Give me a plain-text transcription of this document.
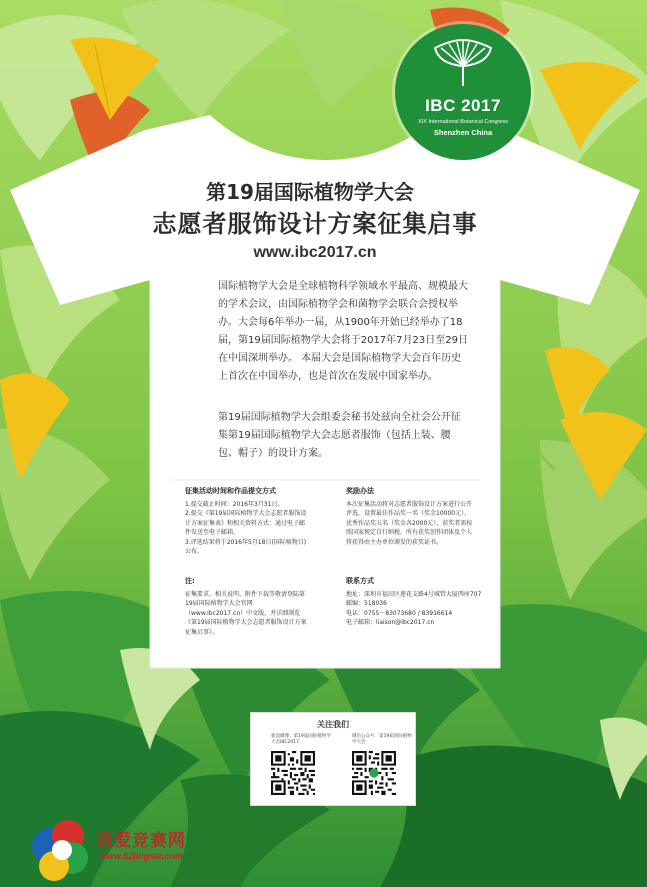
IBC 2017
XIX International Botanical Congress
Shenzhen China
第19届国际植物学大会
志愿者服饰设计方案征集启事
www.ibc2017.cn
国际植物学大会是全球植物科学领域水平最高、规模最大的学术会议，由国际植物学会和菌物学会联合会授权举办。大会每6年举办一届，从1900年开始已经举办了18届，第19届国际植物学大会将于2017年7月23日至29日在中国深圳举办。 本届大会是国际植物学大会百年历史上首次在中国举办，也是首次在发展中国家举办。
第19届国际植物学大会组委会秘书处兹向全社会公开征集第19届国际植物学大会志愿者服饰（包括上装、腰包、帽子）的设计方案。
征集活动时间和作品提交方式

1.提交截止时间：2016年3月31日。

2.提交《第19届国际植物学大会志愿者服饰设计方案征集表》和相关资料方式：通过电子邮件发送至电子邮箱。

3.评选结果将于2016年5月18日(国际植物日)公布。

奖励办法

本次征集活动将对志愿者服饰设计方案进行公开评选，设置最佳作品奖一名（奖金10000元），优秀作品奖五名（奖金各2000元），获奖者需按照国家规定自行纳税。所有获奖创作团体及个人将获得由主办单位颁发的获奖证书。

注:

征集要求、相关说明、附件下载等敬请登陆第19届国际植物学大会官网 （www.ibc2017.cn）中文版，并详细浏览《第19届国际植物学大会志愿者服饰设计方案征集启事》。

联系方式

地址：深圳市福田区莲花支路4号城管大厦西座707

邮编：518036

电话：0755－83073680 / 83916614

电子邮箱：liaison@ibc2017.cn

关注我们
新浪微博：第19届国际植物学大会IBC2017
微信公众号：第19届国际植物学大会
我爱竞赛网
www.52jingsai.com
